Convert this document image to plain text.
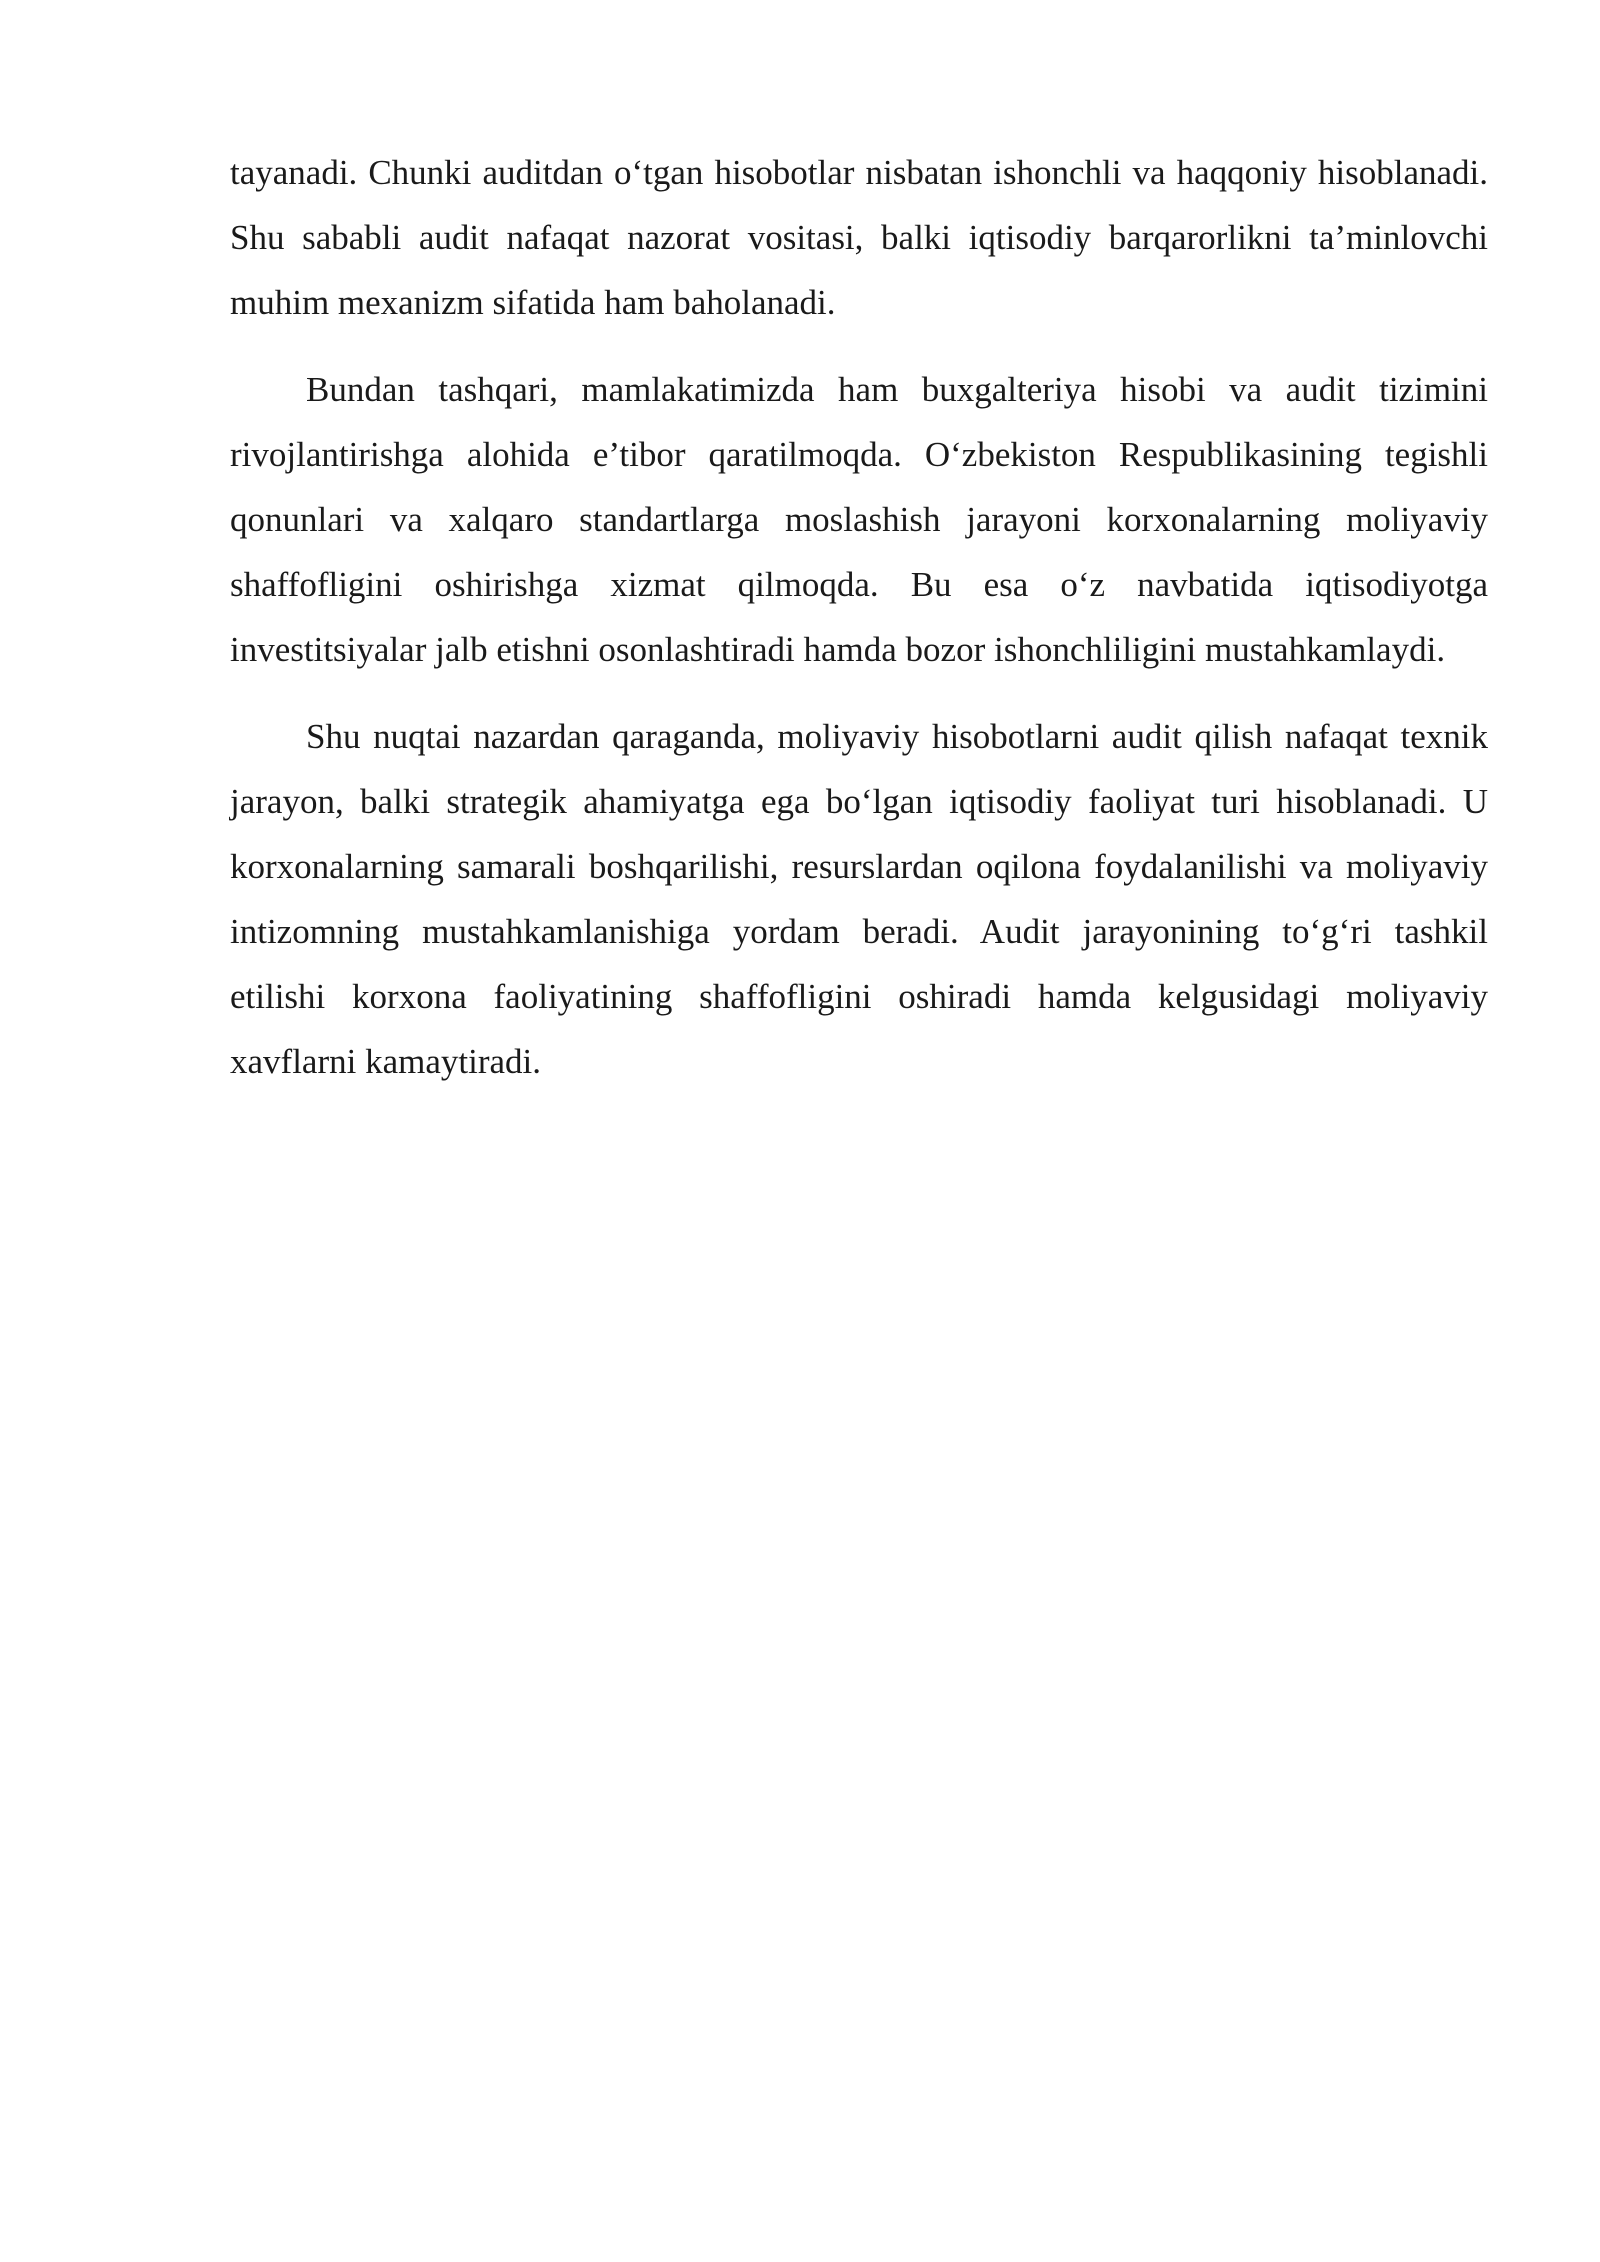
tayanadi. Chunki auditdan o‘tgan hisobotlar nisbatan ishonchli va haqqoniy hisoblanadi. Shu sababli audit nafaqat nazorat vositasi, balki iqtisodiy barqarorlikni ta’minlovchi muhim mexanizm sifatida ham baholanadi.

Bundan tashqari, mamlakatimizda ham buxgalteriya hisobi va audit tizimini rivojlantirishga alohida e’tibor qaratilmoqda. O‘zbekiston Respublikasining tegishli qonunlari va xalqaro standartlarga moslashish jarayoni korxonalarning moliyaviy shaffofligini oshirishga xizmat qilmoqda. Bu esa o‘z navbatida iqtisodiyotga investitsiyalar jalb etishni osonlashtiradi hamda bozor ishonchliligini mustahkamlaydi.

Shu nuqtai nazardan qaraganda, moliyaviy hisobotlarni audit qilish nafaqat texnik jarayon, balki strategik ahamiyatga ega bo‘lgan iqtisodiy faoliyat turi hisoblanadi. U korxonalarning samarali boshqarilishi, resurslardan oqilona foydalanilishi va moliyaviy intizomning mustahkamlanishiga yordam beradi. Audit jarayonining to‘g‘ri tashkil etilishi korxona faoliyatining shaffofligini oshiradi hamda kelgusidagi moliyaviy xavflarni kamaytiradi.
